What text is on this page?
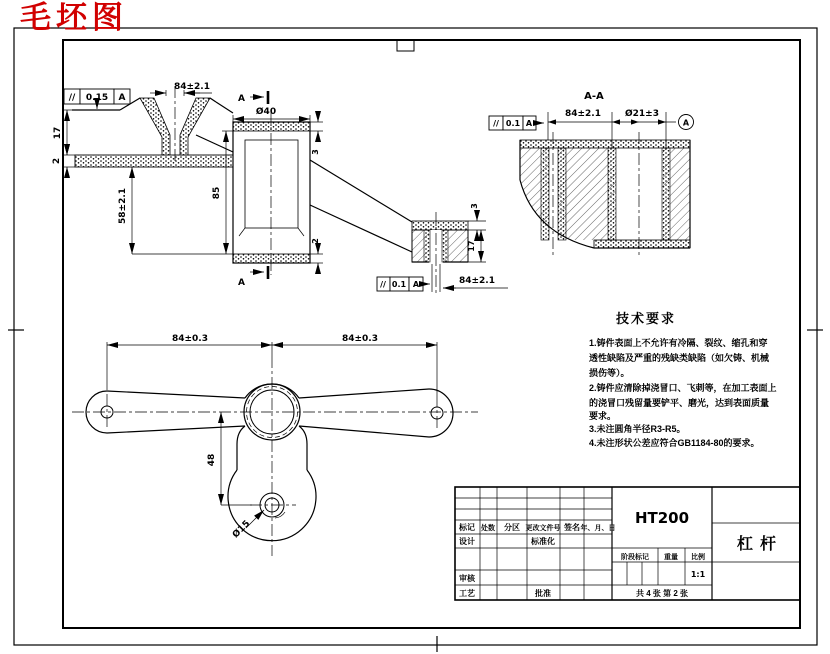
// 0.15 A
84±2.1
17
2
Ø40
A
A
3
2
85
58±2.1	3
17
// 0.1 A	84±2.1
A-A
// 0.1 A
84±2.1	Ø21±3
A
84±0.3	84±0.3
48
Ø15
技术要求
1.铸件表面上不允许有冷隔、裂纹、缩孔和穿
透性缺陷及严重的残缺类缺陷（如欠铸、机械
损伤等）。
2.铸件应清除掉浇冒口、飞刺等，在加工表面上
的浇冒口残留量要铲平、磨光，达到表面质量
要求。
3.未注圆角半径R3-R5。
4.未注形状公差应符合GB1184-80的要求。
标记 处数 分区 更改文件号 签名 年、月、日
设计	标准化
审核
工艺	批准
HT200
杠杆
阶段标记 重量 比例
1:1
共 4 张 第 2 张
毛坯图
